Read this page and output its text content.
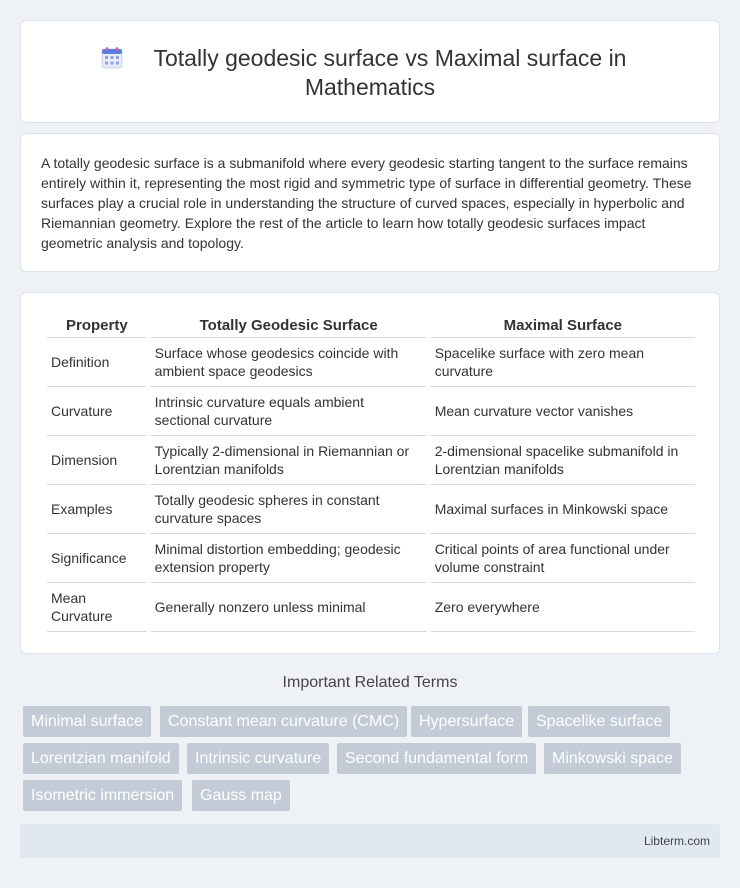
Totally geodesic surface vs Maximal surface in
Mathematics

A totally geodesic surface is a submanifold where every geodesic starting tangent to the surface remains entirely within it, representing the most rigid and symmetric type of surface in differential geometry. These surfaces play a crucial role in understanding the structure of curved spaces, especially in hyperbolic and Riemannian geometry. Explore the rest of the article to learn how totally geodesic surfaces impact geometric analysis and topology.

Property	Totally Geodesic Surface	Maximal Surface
Definition	Surface whose geodesics coincide with ambient space geodesics	Spacelike surface with zero mean curvature
Curvature	Intrinsic curvature equals ambient sectional curvature	Mean curvature vector vanishes
Dimension	Typically 2-dimensional in Riemannian or Lorentzian manifolds	2-dimensional spacelike submanifold in Lorentzian manifolds
Examples	Totally geodesic spheres in constant curvature spaces	Maximal surfaces in Minkowski space
Significance	Minimal distortion embedding; geodesic extension property	Critical points of area functional under volume constraint
Mean Curvature	Generally nonzero unless minimal	Zero everywhere
Important Related Terms
Minimal surface	Constant mean curvature (CMC)	Hypersurface	Spacelike surface
Lorentzian manifold	Intrinsic curvature	Second fundamental form	Minkowski space
Isometric immersion	Gauss map
Libterm.com
